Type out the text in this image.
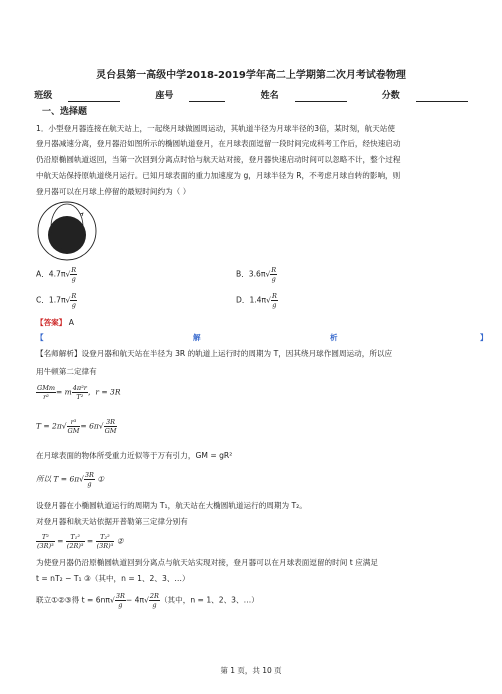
灵台县第一高级中学2018-2019学年高二上学期第二次月考试卷物理
班级	座号	姓名	分数
一、选择题
1．小型登月器连接在航天站上，一起绕月球做圆周运动，其轨道半径为月球半径的3倍，某时刻，航天站使
登月器减速分离，登月器沿如图所示的椭圆轨道登月，在月球表面逗留一段时间完成科考工作后，经快速启动
仍沿原椭圆轨道返回，当第一次回到分离点时恰与航天站对接，登月器快速启动时间可以忽略不计，整个过程
中航天站保持原轨道绕月运行。已知月球表面的重力加速度为 g，月球半径为 R，不考虑月球自转的影响，则
登月器可以在月球上停留的最短时间约为（ ）
A．$4.7\pi√ \frac{R}{g}$	B．$3.6\pi√ \frac{R}{g}$
C．$1.7\pi√ \frac{R}{g}$	D．$1.4\pi√ \frac{R}{g}$
【答案】 A
【	解	析	】
【名师解析】设登月器和航天站在半径为 3R 的轨道上运行时的周期为 T，因其绕月球作圆周运动，所以应
用牛顿第二定律有
$\frac{\text{GMm}}{\text{r²}} = m \frac{\text{4π²r}}{\text{T²}}$ ，r = 3R
$T = 2\pi√ \frac{\text{r³}}{GM} = 6\pi√ \frac{3R}{GM}$
在月球表面的物体所受重力近似等于万有引力，GM = gR²
所以 $T = 6\pi√ \frac{3R}{g}$ ①
设登月器在小椭圆轨道运行的周期为 T₁，航天站在大椭圆轨道运行的周期为 T₂。
对登月器和航天站依据开普勒第三定律分别有
$\frac{\text{T²}}{\text{(3R)³}} = \frac{\text{T₁²}}{\text{(2R)³}} = \frac{\text{T₂²}}{\text{(3R)³}}$ ②
为使登月器仍沿原椭圆轨道回到分离点与航天站实现对接，登月器可以在月球表面逗留的时间 t 应满足
t = nT₂ − T₁ ③（其中，n = 1、2、3、…）
联立①②③得 $t = 6n\pi√ \frac{3R}{g} - 4\pi√ \frac{2R}{g}$ （其中，n = 1、2、3、…）
第 1 页，共 10 页
